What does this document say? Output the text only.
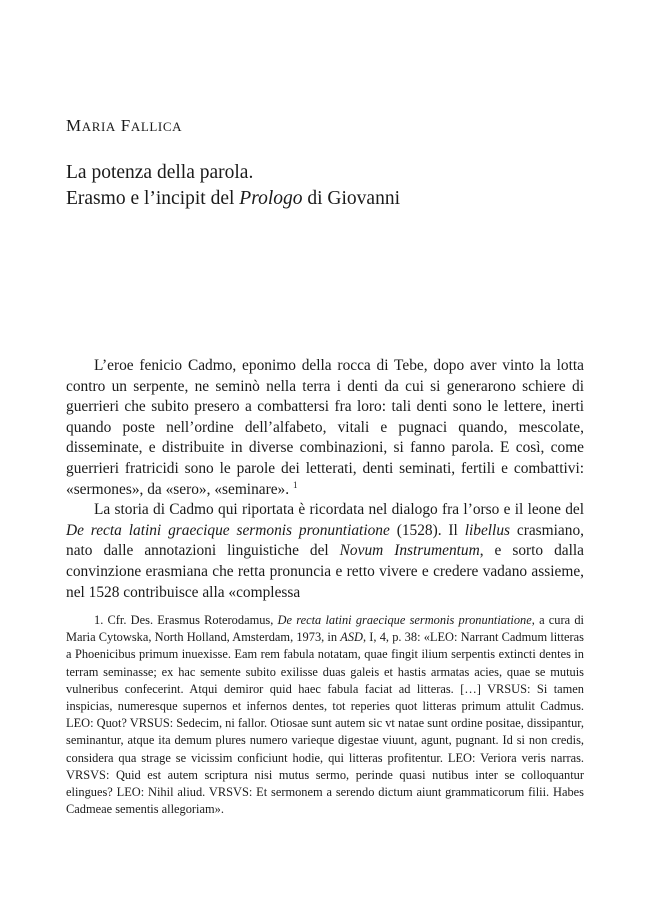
MARIA FALLICA
La potenza della parola.
Erasmo e l’incipit del Prologo di Giovanni

L’eroe fenicio Cadmo, eponimo della rocca di Tebe, dopo aver vinto la lotta contro un serpente, ne seminò nella terra i denti da cui si generarono schiere di guerrieri che subito presero a combattersi fra loro: tali denti sono le lettere, inerti quando poste nell’ordine dell’alfabeto, vitali e pugnaci quando, mescolate, disseminate, e distribuite in diverse combinazioni, si fanno parola. E così, come guerrieri fratricidi sono le parole dei letterati, denti seminati, fertili e combattivi: «sermones», da «sero», «seminare». $^1$

La storia di Cadmo qui riportata è ricordata nel dialogo fra l’orso e il leone del De recta latini graecique sermonis pronuntiatione (1528). Il libellus crasmiano, nato dalle annotazioni linguistiche del Novum Instrumentum, e sorto dalla convinzione erasmiana che retta pronuncia e retto vivere e credere vadano assieme, nel 1528 contribuisce alla «complessa

1. Cfr. Des. Erasmus Roterodamus, De recta latini graecique sermonis pronuntiatione, a cura di Maria Cytowska, North Holland, Amsterdam, 1973, in ASD, I, 4, p. 38: «LEO: Narrant Cadmum litteras a Phoenicibus primum inuexisse. Eam rem fabula notatam, quae fingit ilium serpentis extincti dentes in terram seminasse; ex hac semente subito exilisse duas galeis et hastis armatas acies, quae se mutuis vulneribus confecerint. Atqui demiror quid haec fabula faciat ad litteras. […] VRSUS: Si tamen inspicias, numeresque supernos et infernos dentes, tot reperies quot litteras primum attulit Cadmus. LEO: Quot? VRSUS: Sedecim, ni fallor. Otiosae sunt autem sic vt natae sunt ordine positae, dissipantur, seminantur, atque ita demum plures numero varieque digestae viuunt, agunt, pugnant. Id si non credis, considera qua strage se vicissim conficiunt hodie, qui litteras profitentur. LEO: Veriora veris narras. VRSVS: Quid est autem scriptura nisi mutus sermo, perinde quasi nutibus inter se colloquantur elingues? LEO: Nihil aliud. VRSVS: Et sermonem a serendo dictum aiunt grammaticorum filii. Habes Cadmeae sementis allegoriam».
